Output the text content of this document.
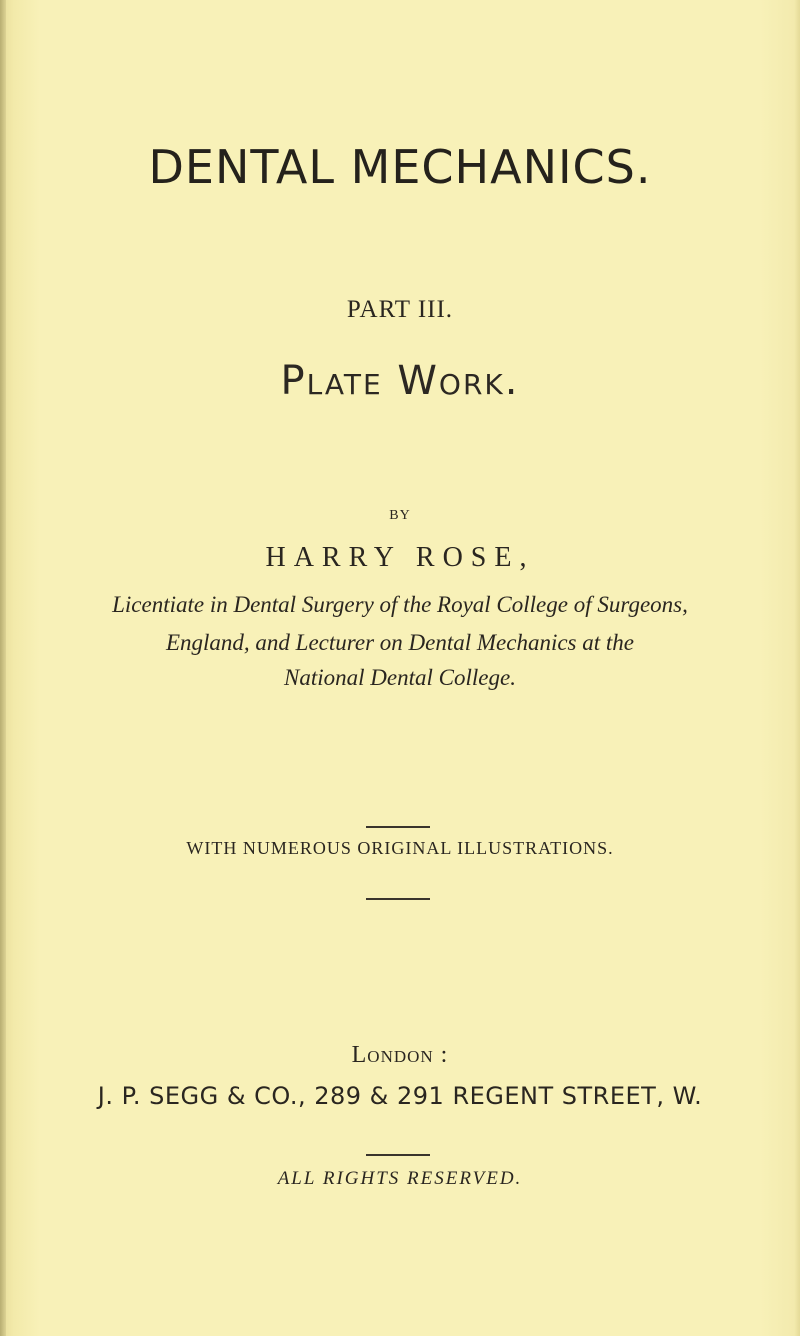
DENTAL MECHANICS.
PART III.
Plate Work.
BY
HARRY ROSE,
Licentiate in Dental Surgery of the Royal College of Surgeons,
England, and Lecturer on Dental Mechanics at the
National Dental College.
WITH NUMEROUS ORIGINAL ILLUSTRATIONS.
London :
J. P. SEGG & CO., 289 & 291 REGENT STREET, W.
ALL RIGHTS RESERVED.
